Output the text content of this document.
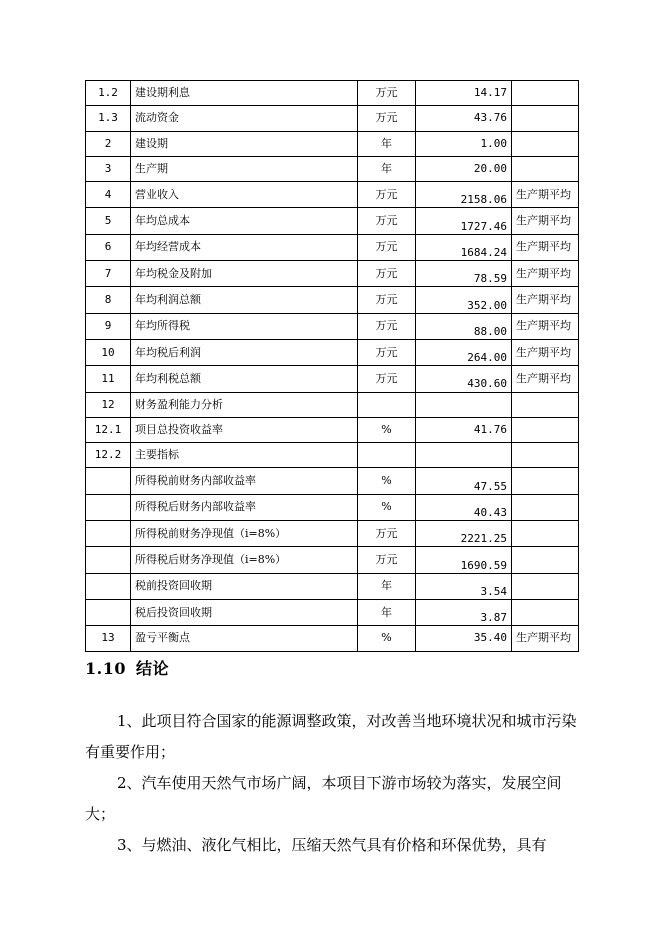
1.2	建设期利息	万元	14.17	
1.3	流动资金	万元	43.76	
2	建设期	年	1.00	
3	生产期	年	20.00	
4	营业收入	万元	2158.06	生产期平均
5	年均总成本	万元	1727.46	生产期平均
6	年均经营成本	万元	1684.24	生产期平均
7	年均税金及附加	万元	78.59	生产期平均
8	年均利润总额	万元	352.00	生产期平均
9	年均所得税	万元	88.00	生产期平均
10	年均税后利润	万元	264.00	生产期平均
11	年均利税总额	万元	430.60	生产期平均
12	财务盈利能力分析			
12.1	项目总投资收益率	%	41.76	
12.2	主要指标			
	所得税前财务内部收益率	%	47.55	
	所得税后财务内部收益率	%	40.43	
	所得税前财务净现值（i=8%）	万元	2221.25	
	所得税后财务净现值（i=8%）	万元	1690.59	
	税前投资回收期	年	3.54	
	税后投资回收期	年	3.87	
13	盈亏平衡点	%	35.40	生产期平均
1.10 结论

1、此项目符合国家的能源调整政策，对改善当地环境状况和城市污染有重要作用；

2、汽车使用天然气市场广阔，本项目下游市场较为落实，发展空间大；

3、与燃油、液化气相比，压缩天然气具有价格和环保优势，具有
